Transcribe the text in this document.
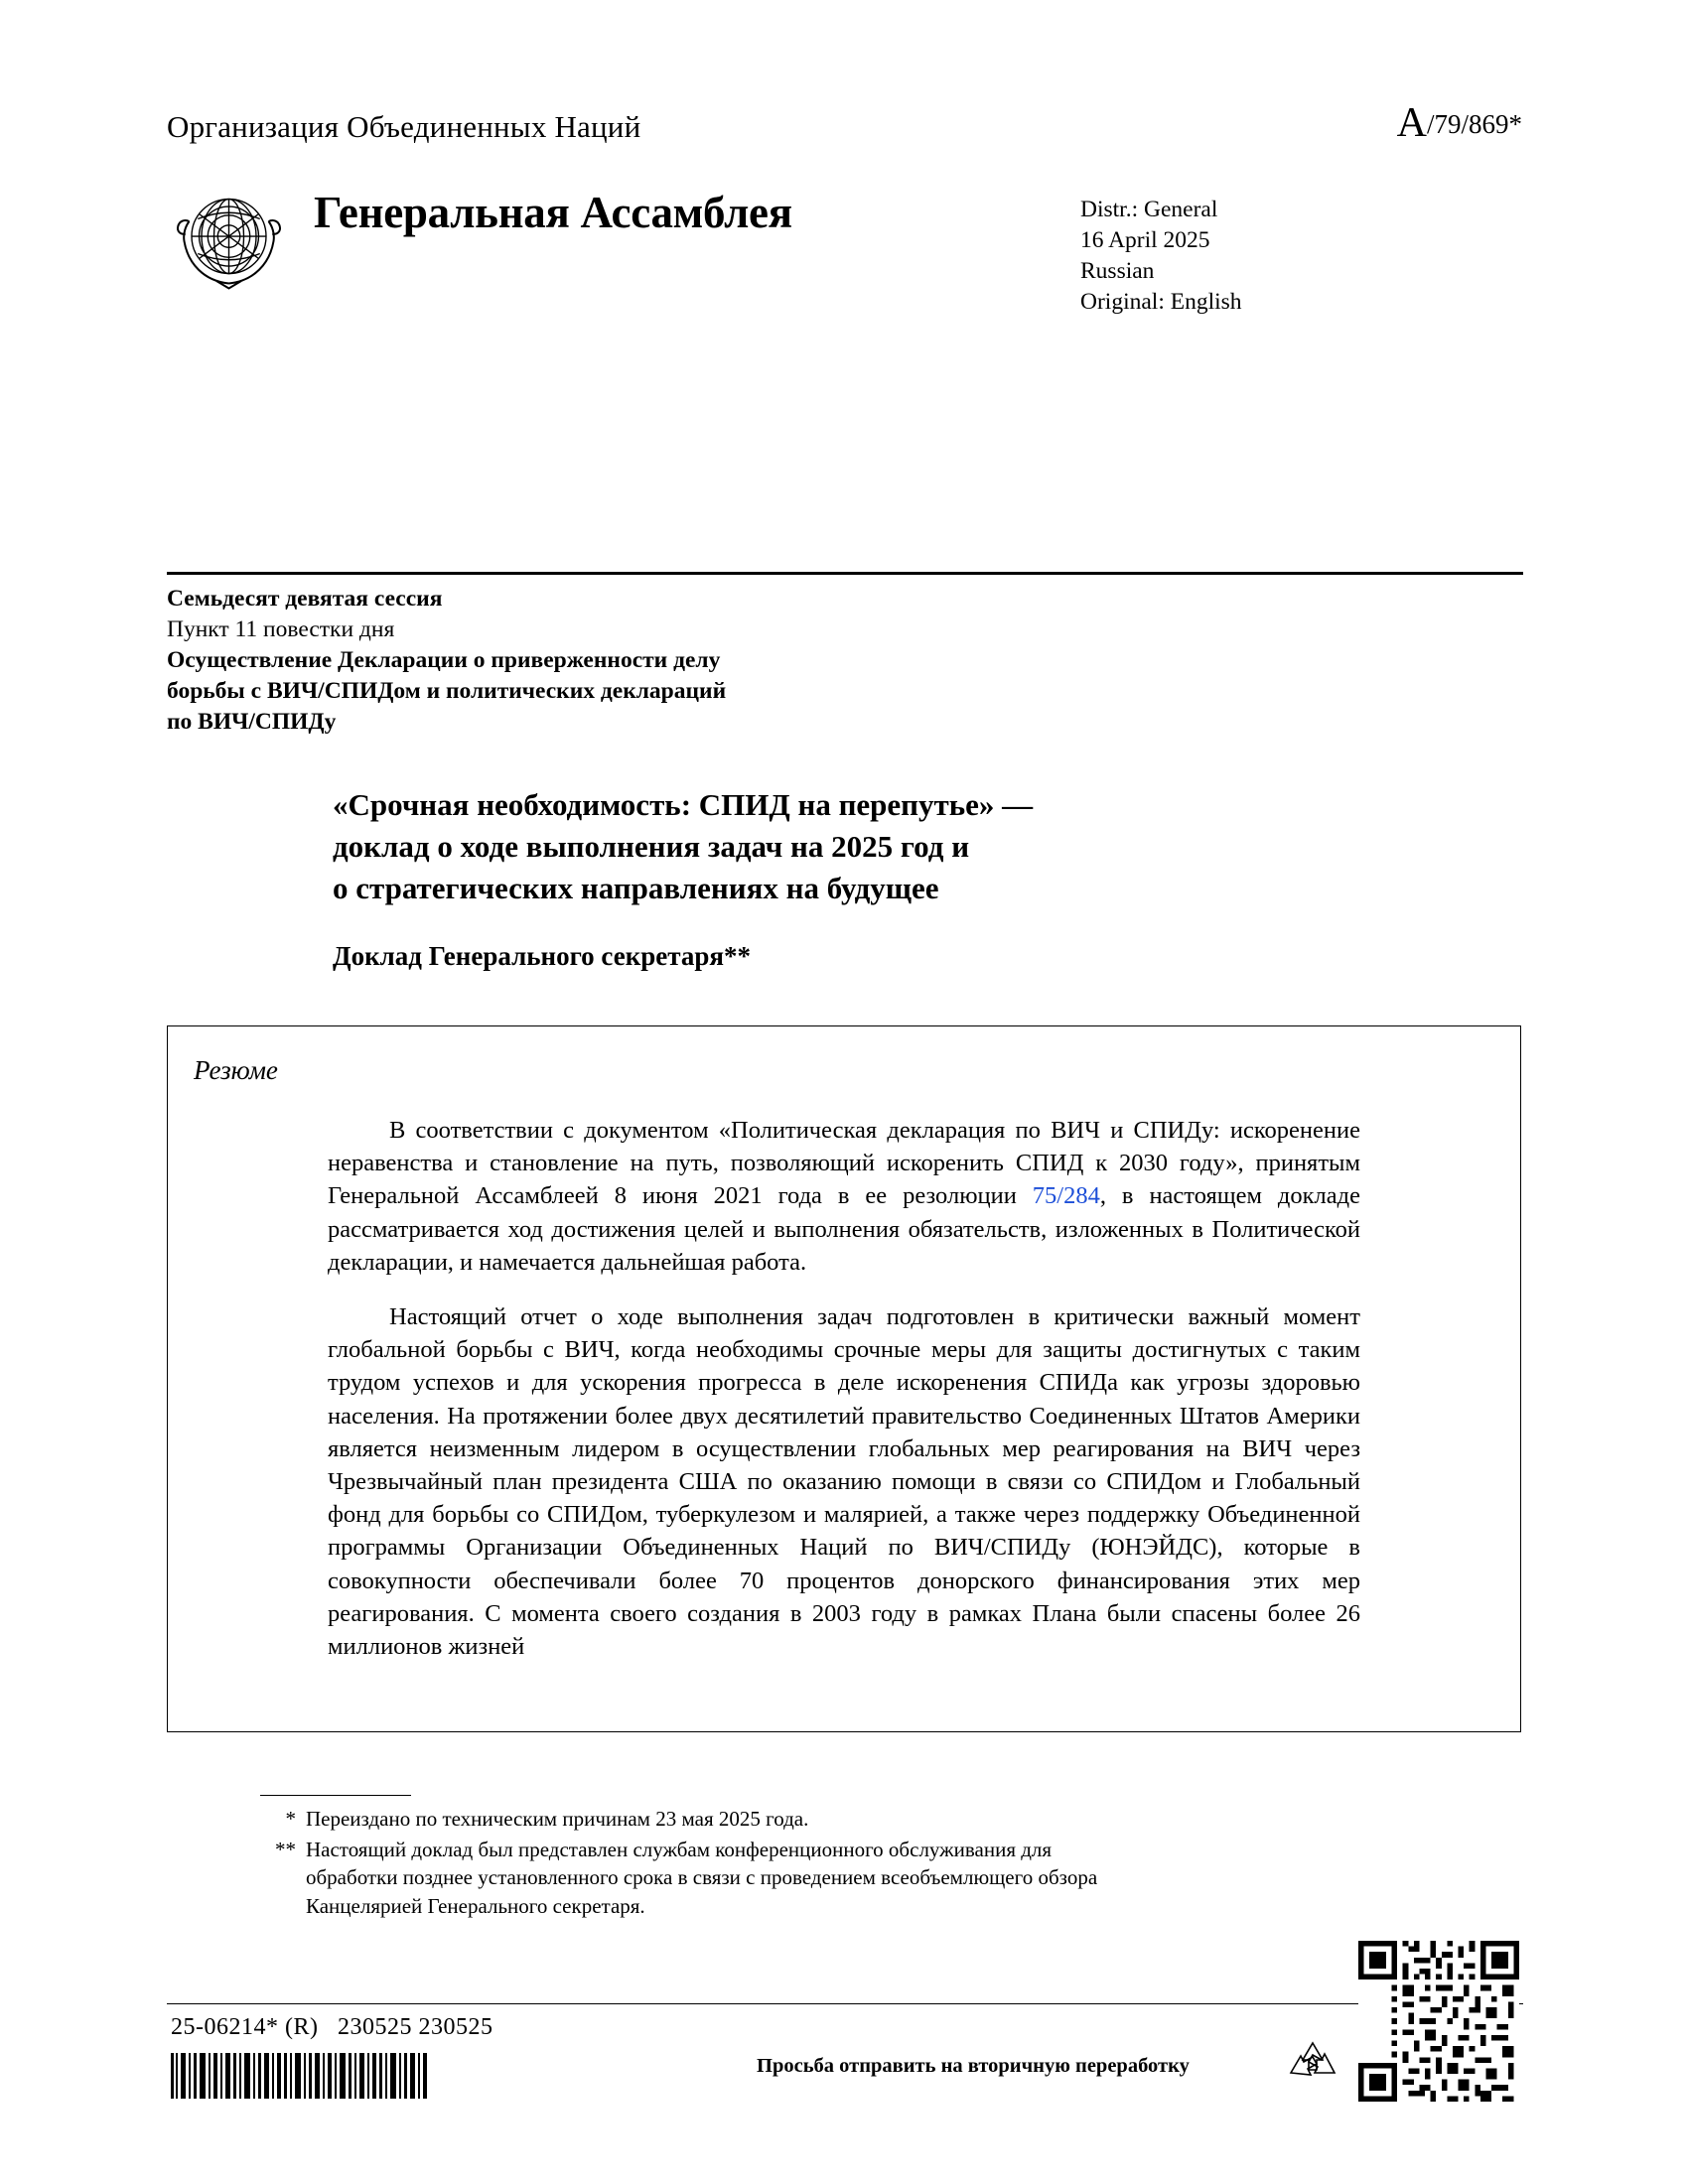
Организация Объединенных Наций	A/79/869*
Генеральная Ассамблея	Distr.: General
16 April 2025
Russian
Original: English
Семьдесят девятая сессия
Пункт 11 повестки дня
Осуществление Декларации о приверженности делу
борьбы с ВИЧ/СПИДом и политических деклараций
по ВИЧ/СПИДу
«Срочная необходимость: СПИД на перепутье» —
доклад о ходе выполнения задач на 2025 год и
о стратегических направлениях на будущее
Доклад Генерального секретаря**
Резюме

В соответствии с документом «Политическая декларация по ВИЧ и СПИДу: искоренение неравенства и становление на путь, позволяющий искоренить СПИД к 2030 году», принятым Генеральной Ассамблеей 8 июня 2021 года в ее резолюции 75/284, в настоящем докладе рассматривается ход достижения целей и выполнения обязательств, изложенных в Политической декларации, и намечается дальнейшая работа.

Настоящий отчет о ходе выполнения задач подготовлен в критически важный момент глобальной борьбы с ВИЧ, когда необходимы срочные меры для защиты достигнутых с таким трудом успехов и для ускорения прогресса в деле искоренения СПИДа как угрозы здоровью населения. На протяжении более двух десятилетий правительство Соединенных Штатов Америки является неизменным лидером в осуществлении глобальных мер реагирования на ВИЧ через Чрезвычайный план президента США по оказанию помощи в связи со СПИДом и Глобальный фонд для борьбы со СПИДом, туберкулезом и малярией, а также через поддержку Объединенной программы Организации Объединенных Наций по ВИЧ/СПИДу (ЮНЭЙДС), которые в совокупности обеспечивали более 70 процентов донорского финансирования этих мер реагирования. С момента своего создания в 2003 году в рамках Плана были спасены более 26 миллионов жизней

* Переиздано по техническим причинам 23 мая 2025 года.
** Настоящий доклад был представлен службам конференционного обслуживания для
обработки позднее установленного срока в связи с проведением всеобъемлющего обзора
Канцелярией Генерального секретаря.
25-06214* (R) 230525 230525
Просьба отправить на вторичную переработку
